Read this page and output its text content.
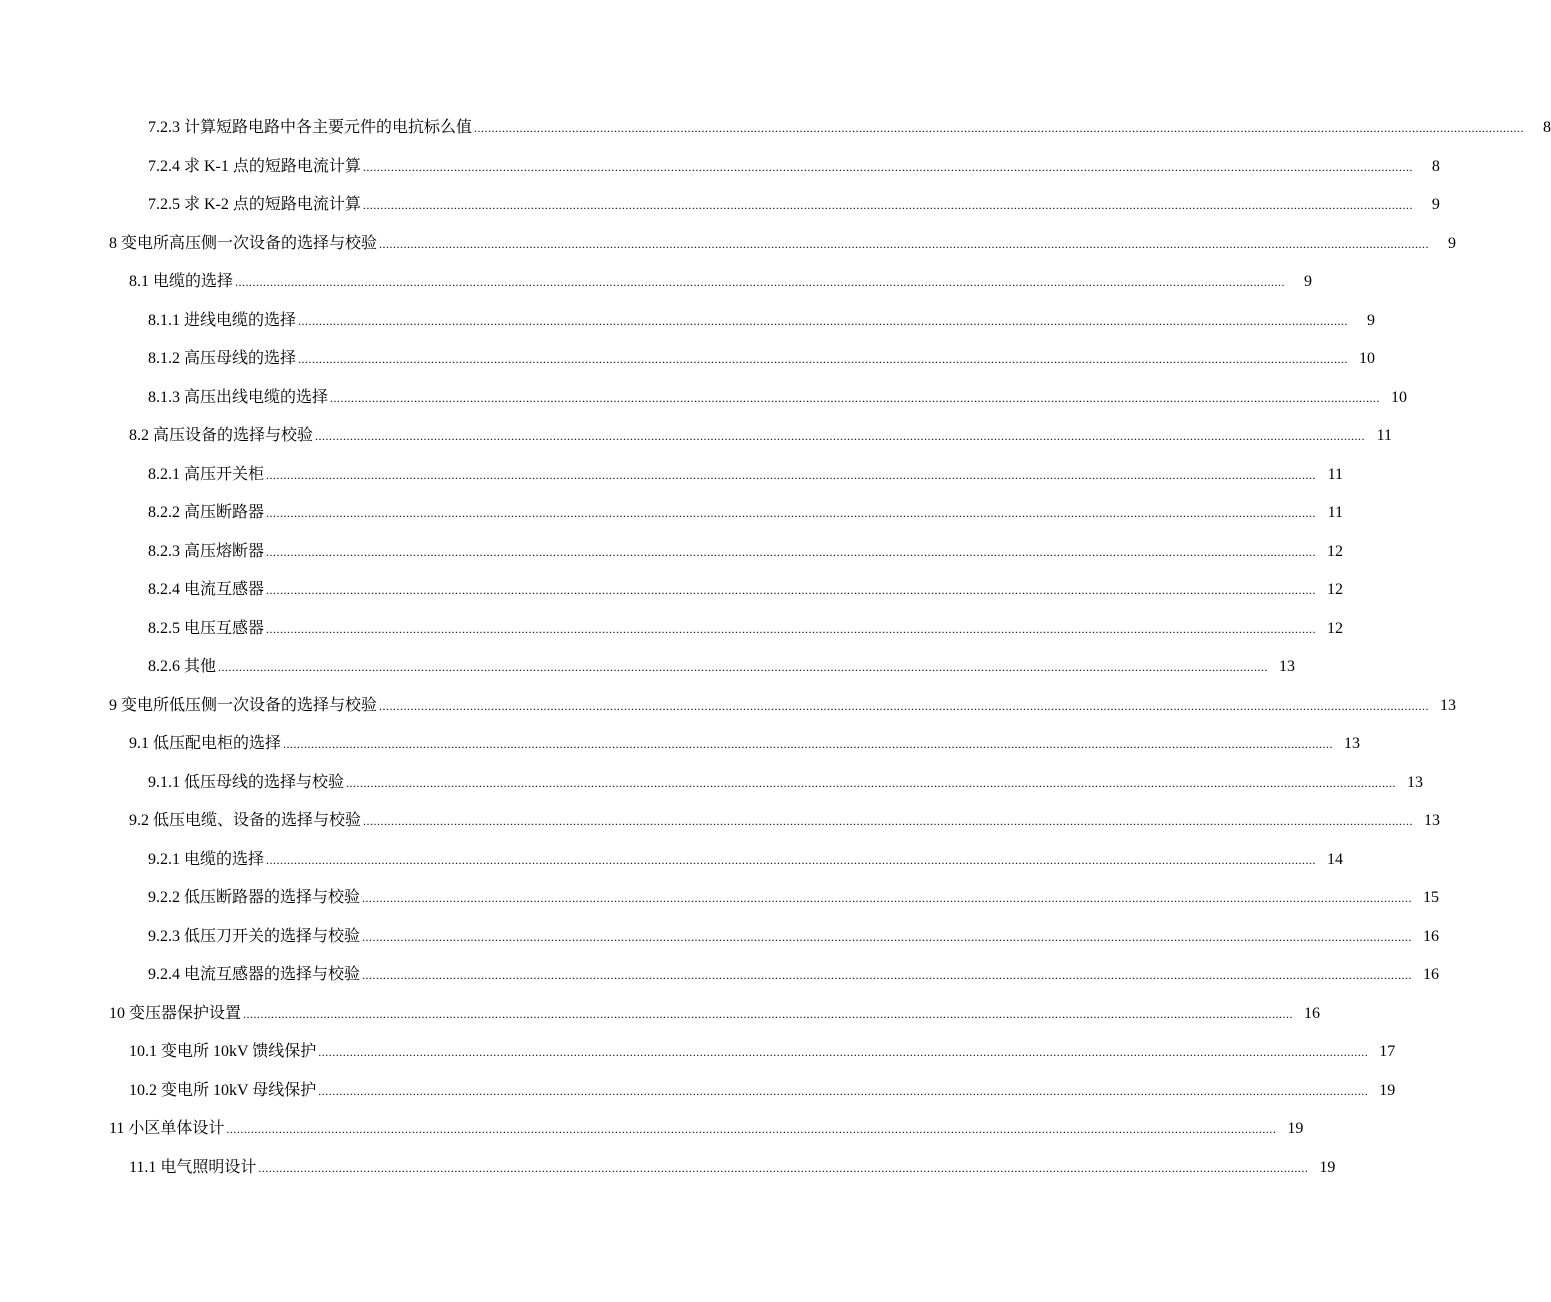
7.2.3 计算短路电路中各主要元件的电抗标么值 ............................................................................................................................................................................................................................................................................................................	8
7.2.4 求 K-1 点的短路电流计算 ............................................................................................................................................................................................................................................................................................................	8
7.2.5 求 K-2 点的短路电流计算 ............................................................................................................................................................................................................................................................................................................	9
8 变电所高压侧一次设备的选择与校验 ............................................................................................................................................................................................................................................................................................................	9
8.1 电缆的选择 ............................................................................................................................................................................................................................................................................................................	9
8.1.1 进线电缆的选择 ............................................................................................................................................................................................................................................................................................................	9
8.1.2 高压母线的选择 ............................................................................................................................................................................................................................................................................................................ 10
8.1.3 高压出线电缆的选择 ............................................................................................................................................................................................................................................................................................................ 10
8.2 高压设备的选择与校验 ............................................................................................................................................................................................................................................................................................................ 11
8.2.1 高压开关柜 ............................................................................................................................................................................................................................................................................................................ 11
8.2.2 高压断路器 ............................................................................................................................................................................................................................................................................................................ 11
8.2.3 高压熔断器 ............................................................................................................................................................................................................................................................................................................ 12
8.2.4 电流互感器 ............................................................................................................................................................................................................................................................................................................ 12
8.2.5 电压互感器 ............................................................................................................................................................................................................................................................................................................ 12
8.2.6 其他 ............................................................................................................................................................................................................................................................................................................ 13
9 变电所低压侧一次设备的选择与校验 ............................................................................................................................................................................................................................................................................................................ 13
9.1 低压配电柜的选择 ............................................................................................................................................................................................................................................................................................................ 13
9.1.1 低压母线的选择与校验 ............................................................................................................................................................................................................................................................................................................ 13
9.2 低压电缆、设备的选择与校验 ............................................................................................................................................................................................................................................................................................................ 13
9.2.1 电缆的选择 ............................................................................................................................................................................................................................................................................................................ 14
9.2.2 低压断路器的选择与校验 ............................................................................................................................................................................................................................................................................................................ 15
9.2.3 低压刀开关的选择与校验 ............................................................................................................................................................................................................................................................................................................ 16
9.2.4 电流互感器的选择与校验 ............................................................................................................................................................................................................................................................................................................ 16
10 变压器保护设置 ............................................................................................................................................................................................................................................................................................................ 16
10.1 变电所 10kV 馈线保护 ............................................................................................................................................................................................................................................................................................................ 17
10.2 变电所 10kV 母线保护 ............................................................................................................................................................................................................................................................................................................ 19
11 小区单体设计 ............................................................................................................................................................................................................................................................................................................ 19
11.1 电气照明设计 ............................................................................................................................................................................................................................................................................................................ 19
